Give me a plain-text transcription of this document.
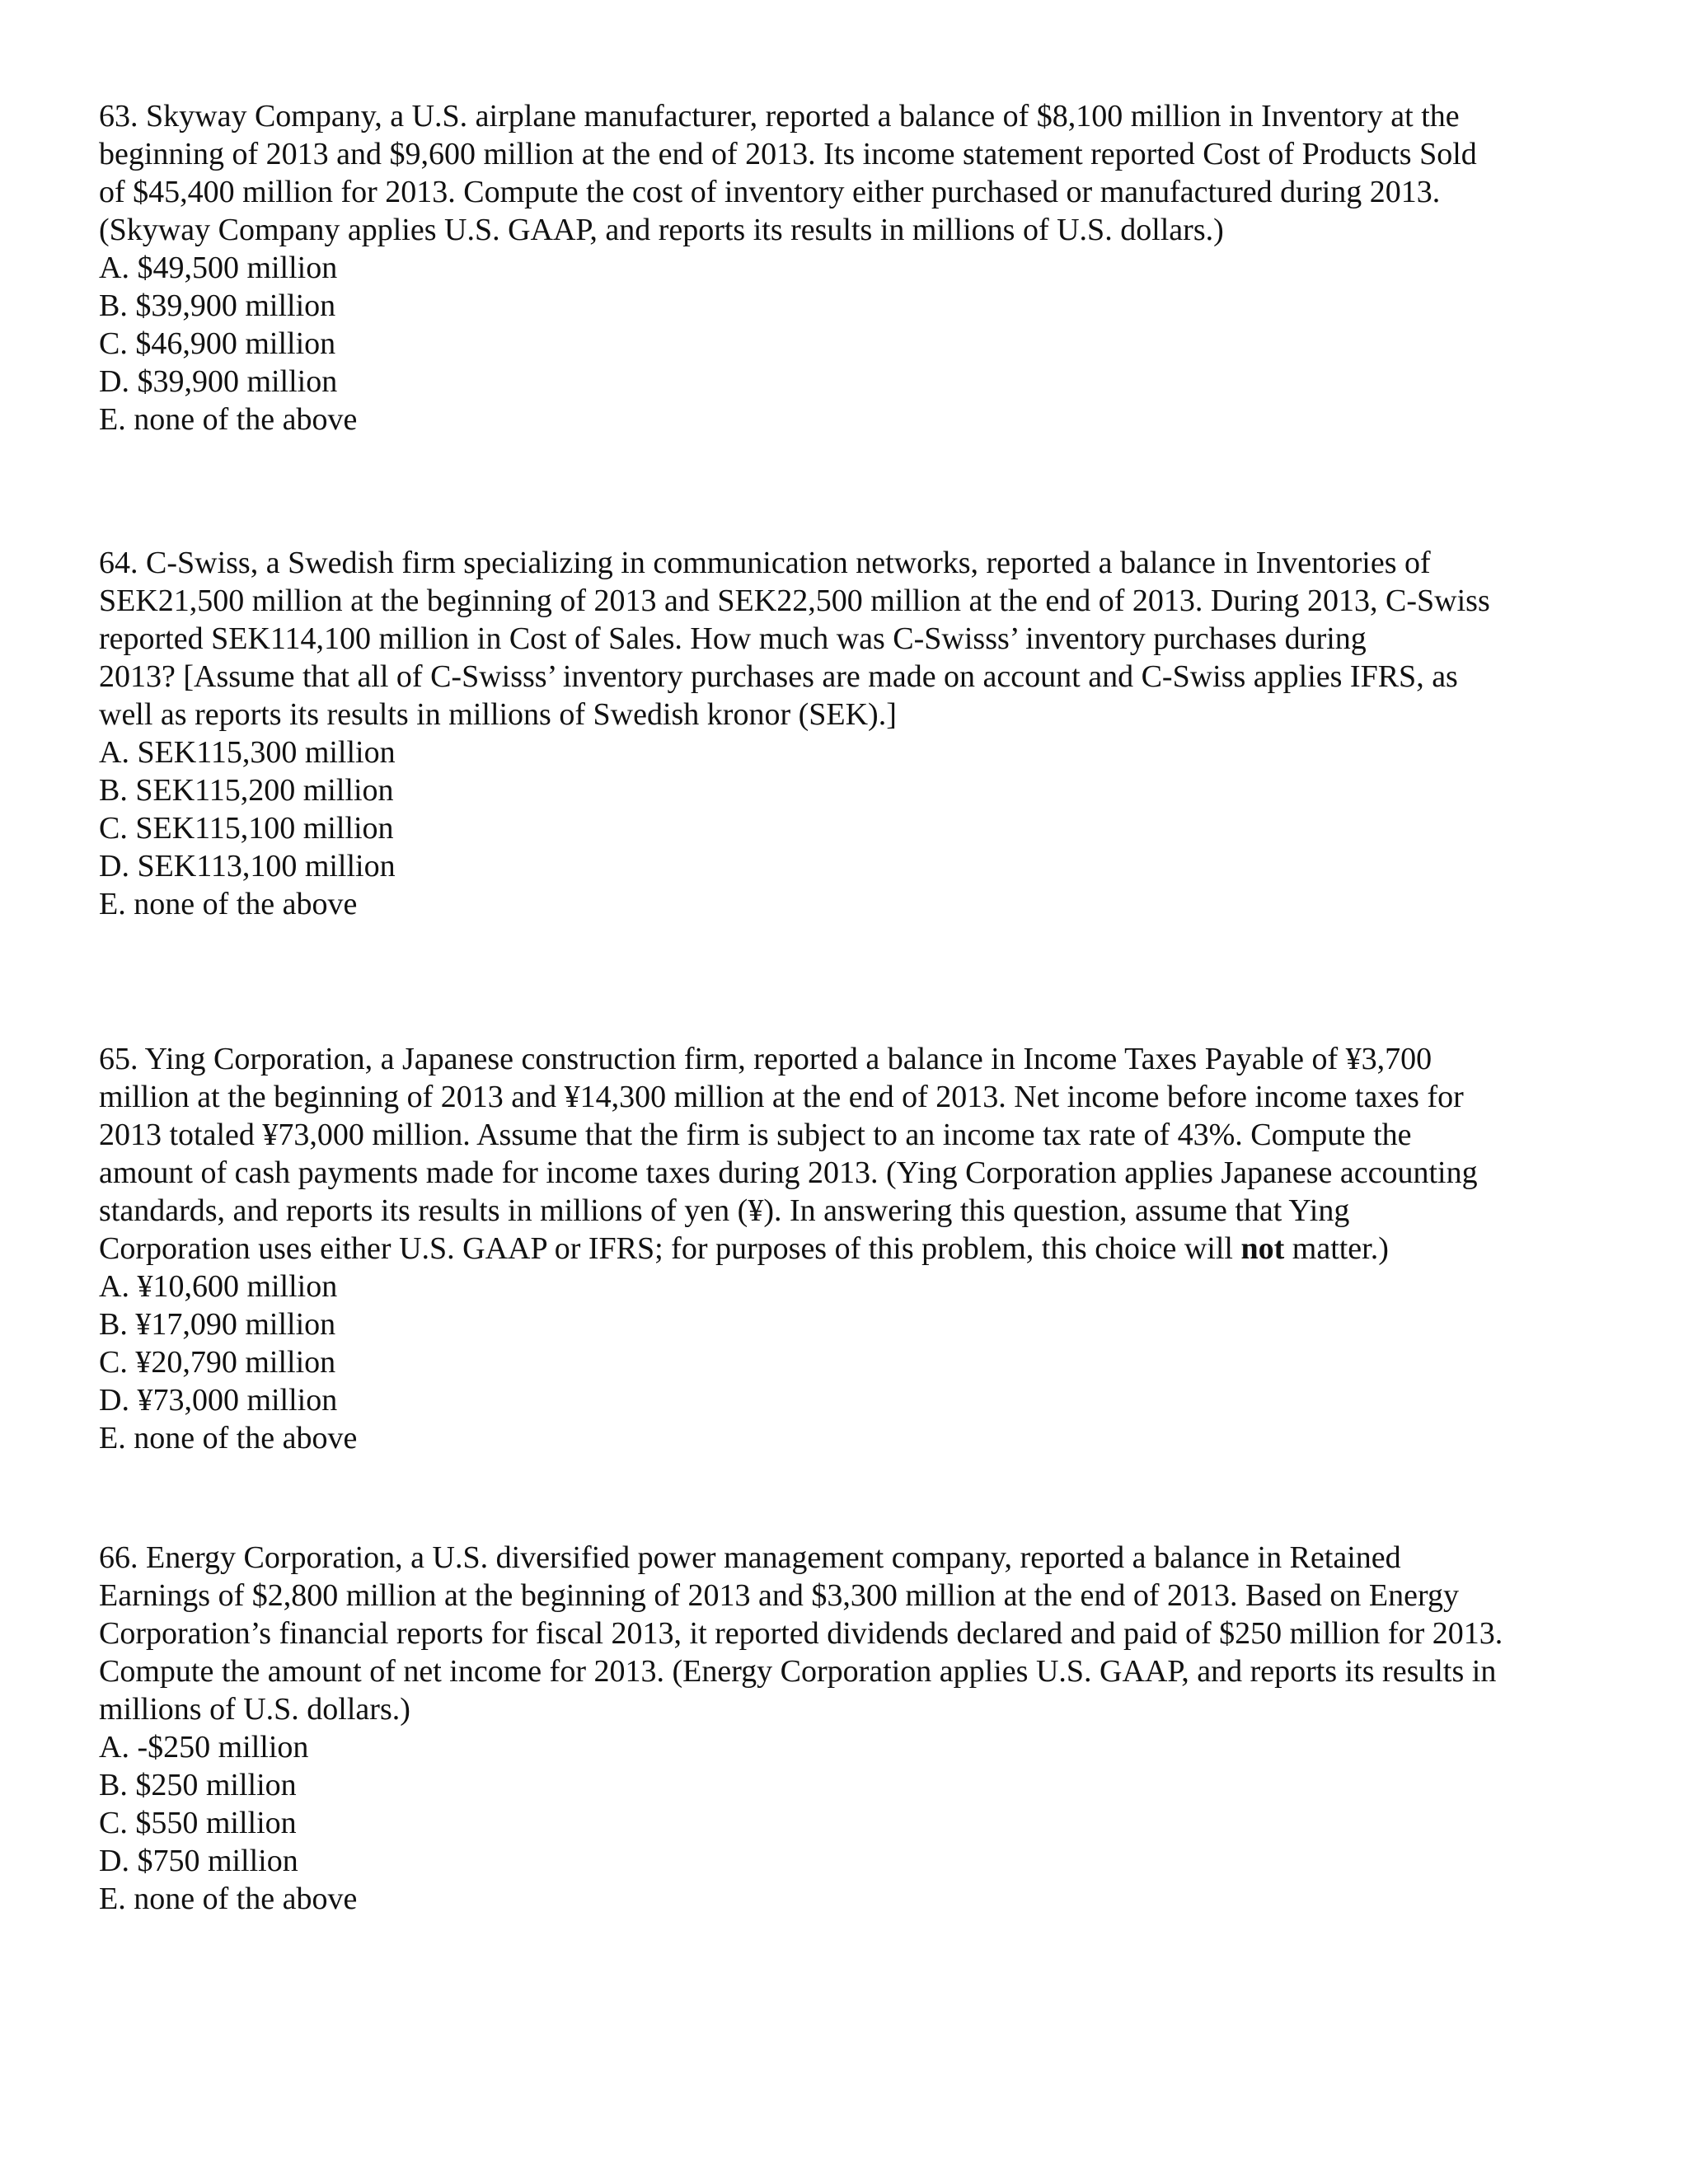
63. Skyway Company, a U.S. airplane manufacturer, reported a balance of $8,100 million in Inventory at the
beginning of 2013 and $9,600 million at the end of 2013. Its income statement reported Cost of Products Sold
of $45,400 million for 2013. Compute the cost of inventory either purchased or manufactured during 2013.
(Skyway Company applies U.S. GAAP, and reports its results in millions of U.S. dollars.)

A. $49,500 million
B. $39,900 million
C. $46,900 million
D. $39,900 million
E. none of the above

64. C-Swiss, a Swedish firm specializing in communication networks, reported a balance in Inventories of
SEK21,500 million at the beginning of 2013 and SEK22,500 million at the end of 2013. During 2013, C-Swiss
reported SEK114,100 million in Cost of Sales. How much was C-Swisss’ inventory purchases during
2013? [Assume that all of C-Swisss’ inventory purchases are made on account and C-Swiss applies IFRS, as
well as reports its results in millions of Swedish kronor (SEK).]

A. SEK115,300 million
B. SEK115,200 million
C. SEK115,100 million
D. SEK113,100 million
E. none of the above

65. Ying Corporation, a Japanese construction firm, reported a balance in Income Taxes Payable of ¥3,700
million at the beginning of 2013 and ¥14,300 million at the end of 2013. Net income before income taxes for
2013 totaled ¥73,000 million. Assume that the firm is subject to an income tax rate of 43%. Compute the
amount of cash payments made for income taxes during 2013. (Ying Corporation applies Japanese accounting
standards, and reports its results in millions of yen (¥). In answering this question, assume that Ying
Corporation uses either U.S. GAAP or IFRS; for purposes of this problem, this choice will not matter.)

A. ¥10,600 million
B. ¥17,090 million
C. ¥20,790 million
D. ¥73,000 million
E. none of the above

66. Energy Corporation, a U.S. diversified power management company, reported a balance in Retained
Earnings of $2,800 million at the beginning of 2013 and $3,300 million at the end of 2013. Based on Energy
Corporation’s financial reports for fiscal 2013, it reported dividends declared and paid of $250 million for 2013.
Compute the amount of net income for 2013. (Energy Corporation applies U.S. GAAP, and reports its results in
millions of U.S. dollars.)

A. -$250 million
B. $250 million
C. $550 million
D. $750 million
E. none of the above
